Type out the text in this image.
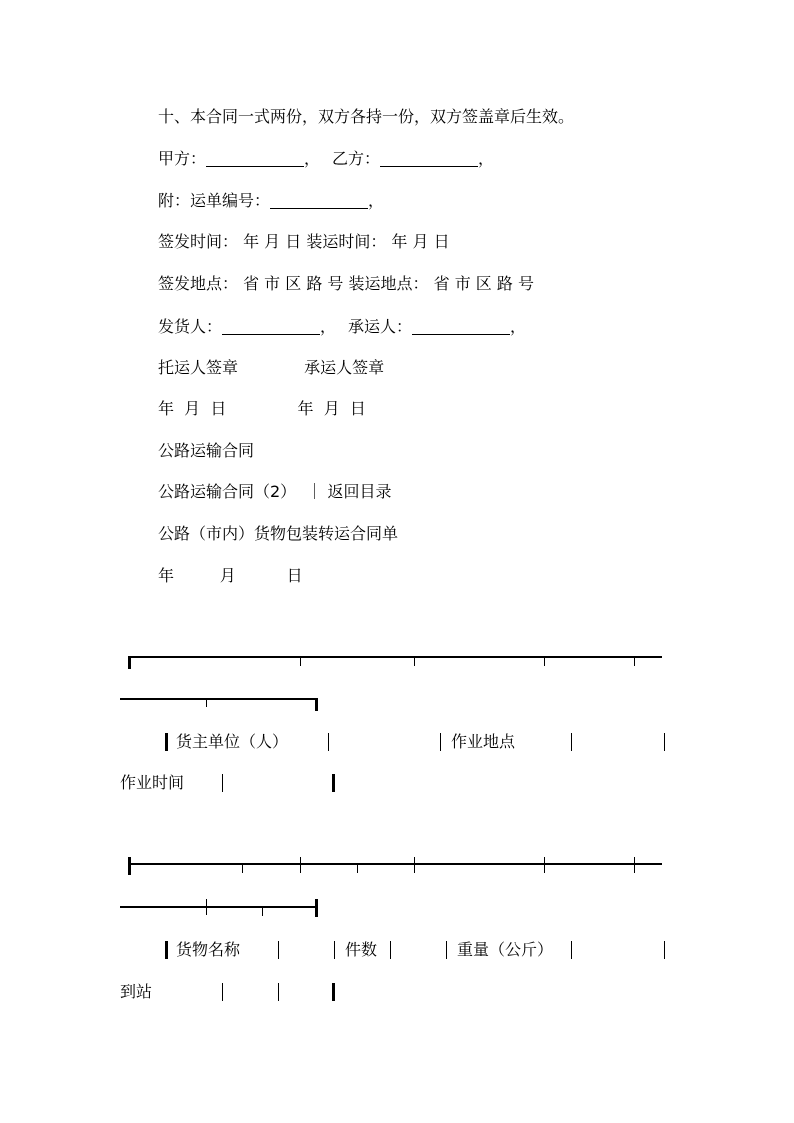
十、本合同一式两份，双方各持一份，双方签盖章后生效。
甲方：	， 乙方：	，
附：运单编号：	，
签发时间： 年 月 日 装运时间： 年 月 日
签发地点： 省 市 区 路 号 装运地点： 省 市 区 路 号
发货人：	， 承运人：	，
托运人签章             承运人签章
年  月  日              年  月  日
公路运输合同
公路运输合同（2）  ｜ 返回目录
公路（市内）货物包装转运合同单
年         月          日
货主单位（人）	作业地点
作业时间
货物名称	件数	重量（公斤）
到站
